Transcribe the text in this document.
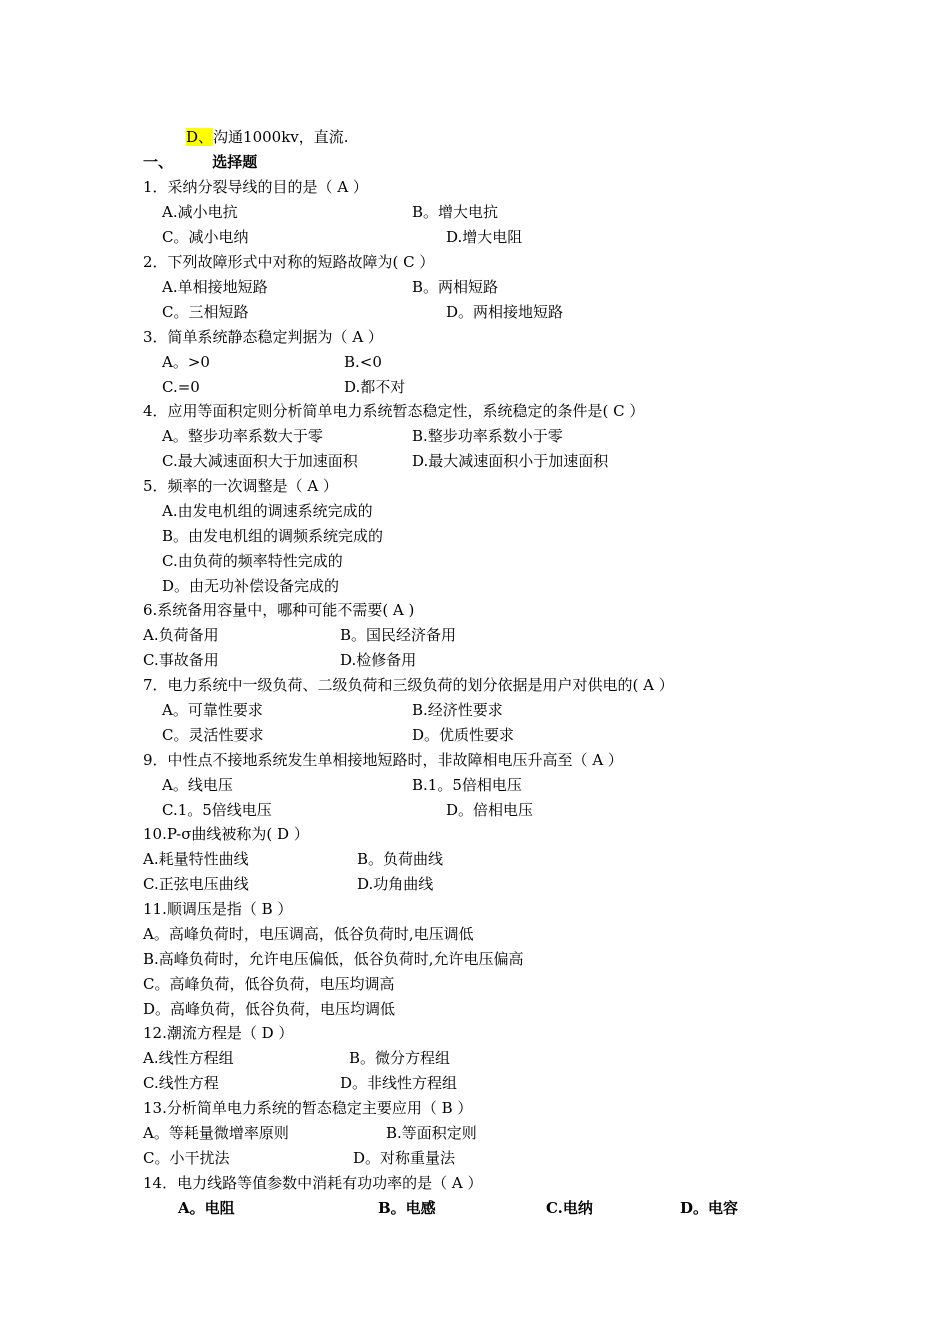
D、沟通1000kv，直流.
一、	选择题
1．采纳分裂导线的目的是（ A ）
A.减小电抗	B。增大电抗
C。减小电纳	D.增大电阻
2．下列故障形式中对称的短路故障为( C ）
A.单相接地短路	B。两相短路
C。三相短路	D。两相接地短路
3．简单系统静态稳定判据为（ A ）
A。>0	B.<0
C.=0	D.都不对
4．应用等面积定则分析简单电力系统暂态稳定性，系统稳定的条件是( C ）
A。整步功率系数大于零	B.整步功率系数小于零
C.最大减速面积大于加速面积	D.最大减速面积小于加速面积
5．频率的一次调整是（ A ）
A.由发电机组的调速系统完成的
B。由发电机组的调频系统完成的
C.由负荷的频率特性完成的
D。由无功补偿设备完成的
6.系统备用容量中，哪种可能不需要( A )
A.负荷备用	B。国民经济备用
C.事故备用	D.检修备用
7．电力系统中一级负荷、二级负荷和三级负荷的划分依据是用户对供电的( A ）
A。可靠性要求	B.经济性要求
C。灵活性要求	D。优质性要求
9．中性点不接地系统发生单相接地短路时，非故障相电压升高至（ A ）
A。线电压	B.1。5倍相电压
C.1。5倍线电压	D。倍相电压
10.P-σ曲线被称为( D ）
A.耗量特性曲线	B。负荷曲线
C.正弦电压曲线	D.功角曲线
11.顺调压是指（ B ）
A。高峰负荷时，电压调高，低谷负荷时,电压调低
B.高峰负荷时，允许电压偏低，低谷负荷时,允许电压偏高
C。高峰负荷，低谷负荷，电压均调高
D。高峰负荷，低谷负荷，电压均调低
12.潮流方程是（ D ）
A.线性方程组	B。微分方程组
C.线性方程	D。非线性方程组
13.分析简单电力系统的暂态稳定主要应用（ B ）
A。等耗量微增率原则	B.等面积定则
C。小干扰法	D。对称重量法
14．电力线路等值参数中消耗有功功率的是（ A ）
A。电阻	B。电感	C.电纳	D。电容
